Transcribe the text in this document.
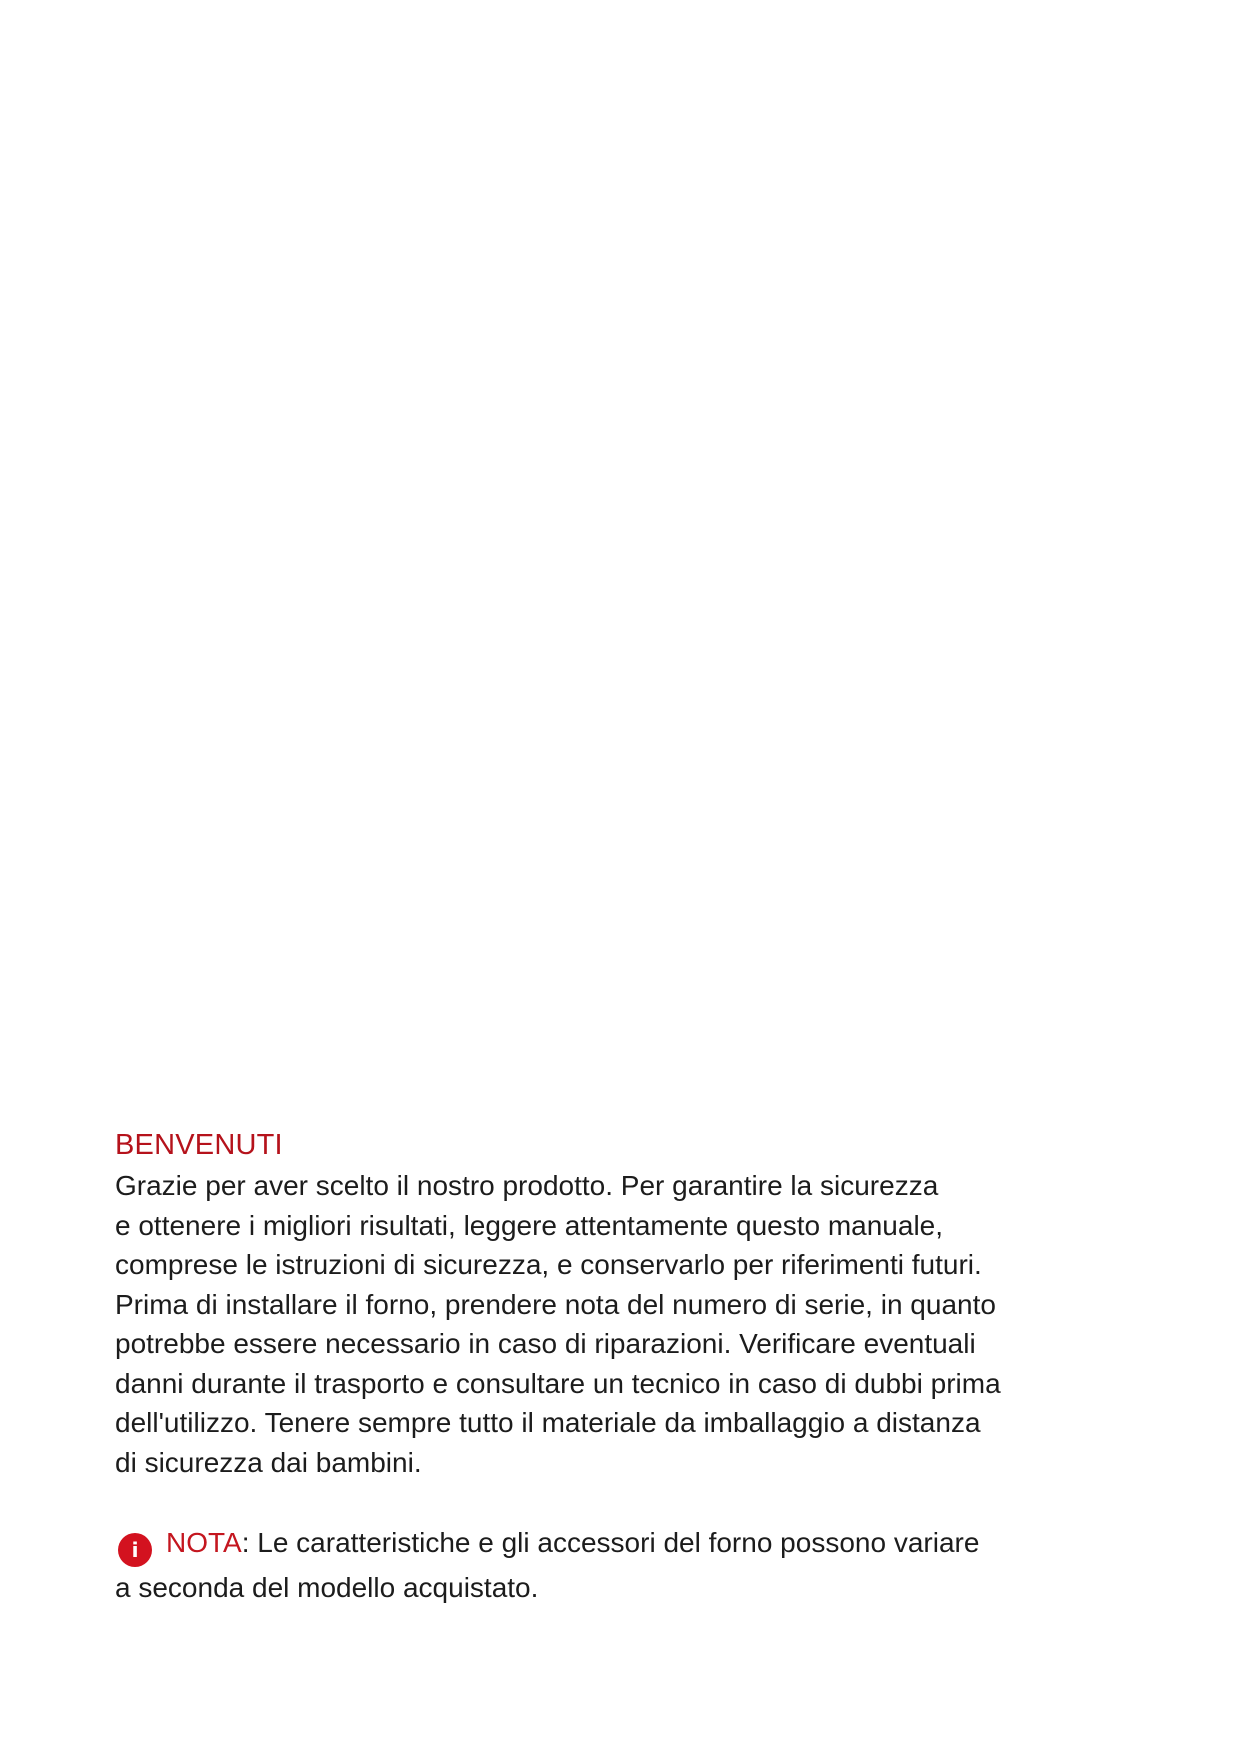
BENVENUTI
Grazie per aver scelto il nostro prodotto. Per garantire la sicurezza
e ottenere i migliori risultati, leggere attentamente questo manuale,
comprese le istruzioni di sicurezza, e conservarlo per riferimenti futuri.
Prima di installare il forno, prendere nota del numero di serie, in quanto
potrebbe essere necessario in caso di riparazioni. Verificare eventuali
danni durante il trasporto e consultare un tecnico in caso di dubbi prima
dell'utilizzo. Tenere sempre tutto il materiale da imballaggio a distanza
di sicurezza dai bambini.
i NOTA: Le caratteristiche e gli accessori del forno possono variare
a seconda del modello acquistato.
